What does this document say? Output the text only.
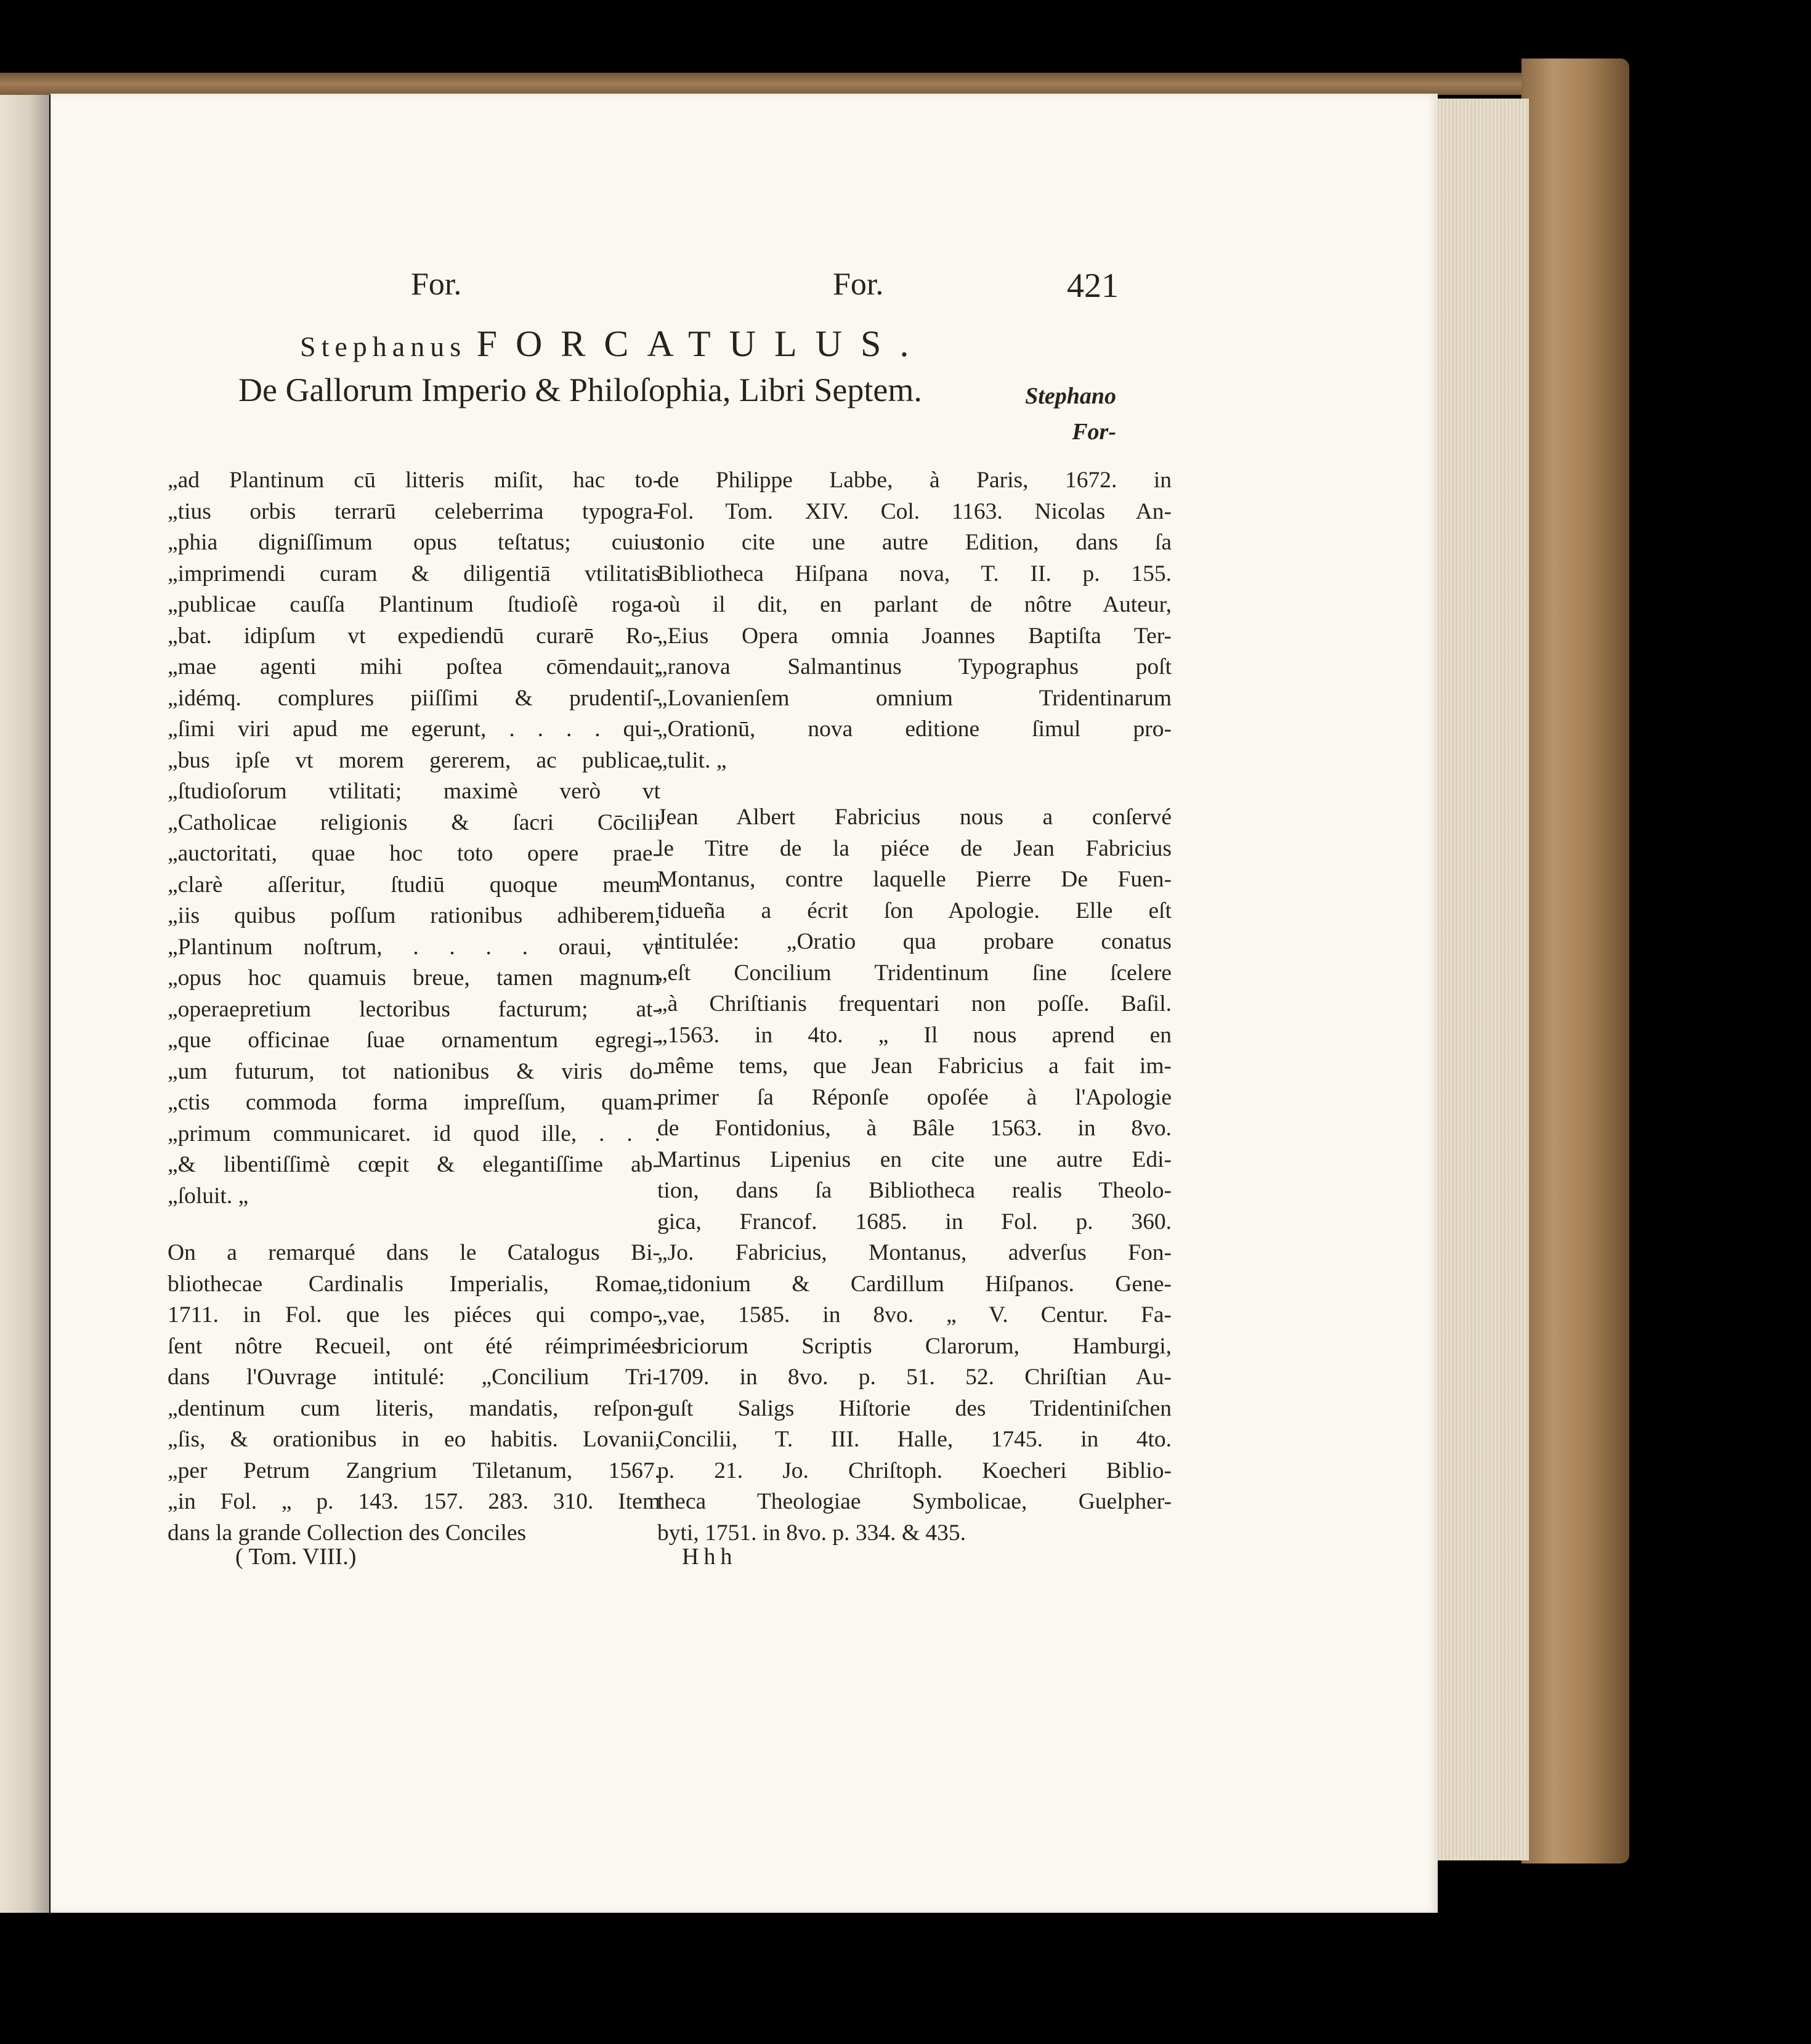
For.	For.	421
Stephanus FORCATULUS.
De Gallorum Imperio & Philoſophia, Libri Septem.	Stephano
For-
„ad Plantinum cū litteris miſit, hac to-
„tius orbis terrarū celeberrima typogra-
„phia digniſſimum opus teſtatus; cuius
„imprimendi curam & diligentiā vtilitatis
„publicae cauſſa Plantinum ſtudioſè roga-
„bat. idipſum vt expediendū curarē Ro-
„mae agenti mihi poſtea cōmendauit;
„idémq. complures piiſſimi & prudentiſ-
„ſimi viri apud me egerunt, . . . . qui-
„bus ipſe vt morem gererem, ac publicae
„ſtudioſorum vtilitati; maximè verò vt
„Catholicae religionis & ſacri Cōcilii
„auctoritati, quae hoc toto opere prae-
„clarè aſſeritur, ſtudiū quoque meum
„iis quibus poſſum rationibus adhiberem,
„Plantinum noſtrum, . . . . oraui, vt
„opus hoc quamuis breue, tamen magnum
„operaepretium lectoribus facturum; at-
„que officinae ſuae ornamentum egregi-
„um futurum, tot nationibus & viris do-
„ctis commoda forma impreſſum, quam-
„primum communicaret. id quod ille, . . .
„& libentiſſimè cœpit & elegantiſſime ab-
„ſoluit. „
On a remarqué dans le Catalogus Bi-
bliothecae Cardinalis Imperialis, Romae
1711. in Fol. que les piéces qui compo-
ſent nôtre Recueil, ont été réimprimées
dans l'Ouvrage intitulé: „Concilium Tri-
„dentinum cum literis, mandatis, reſpon-
„ſis, & orationibus in eo habitis. Lovanii,
„per Petrum Zangrium Tiletanum, 1567.
„in Fol. „ p. 143. 157. 283. 310. Item
dans la grande Collection des Conciles
de Philippe Labbe, à Paris, 1672. in
Fol. Tom. XIV. Col. 1163. Nicolas An-
tonio cite une autre Edition, dans ſa
Bibliotheca Hiſpana nova, T. II. p. 155.
où il dit, en parlant de nôtre Auteur,
„Eius Opera omnia Joannes Baptiſta Ter-
„ranova Salmantinus Typographus poſt
„Lovanienſem omnium Tridentinarum
„Orationū, nova editione ſimul pro-
„tulit. „
Jean Albert Fabricius nous a conſervé
le Titre de la piéce de Jean Fabricius
Montanus, contre laquelle Pierre De Fuen-
tidueña a écrit ſon Apologie. Elle eſt
intitulée: „Oratio qua probare conatus
„eſt Concilium Tridentinum ſine ſcelere
„à Chriſtianis frequentari non poſſe. Baſil.
„1563. in 4to. „ Il nous aprend en
même tems, que Jean Fabricius a fait im-
primer ſa Réponſe opoſée à l'Apologie
de Fontidonius, à Bâle 1563. in 8vo.
Martinus Lipenius en cite une autre Edi-
tion, dans ſa Bibliotheca realis Theolo-
gica, Francof. 1685. in Fol. p. 360.
„Jo. Fabricius, Montanus, adverſus Fon-
„tidonium & Cardillum Hiſpanos. Gene-
„vae, 1585. in 8vo. „ V. Centur. Fa-
briciorum Scriptis Clarorum, Hamburgi,
1709. in 8vo. p. 51. 52. Chriſtian Au-
guſt Saligs Hiſtorie des Tridentiniſchen
Concilii, T. III. Halle, 1745. in 4to.
p. 21. Jo. Chriſtoph. Koecheri Biblio-
theca Theologiae Symbolicae, Guelpher-
byti, 1751. in 8vo. p. 334. & 435.
( Tom. VIII.)	Hhh
